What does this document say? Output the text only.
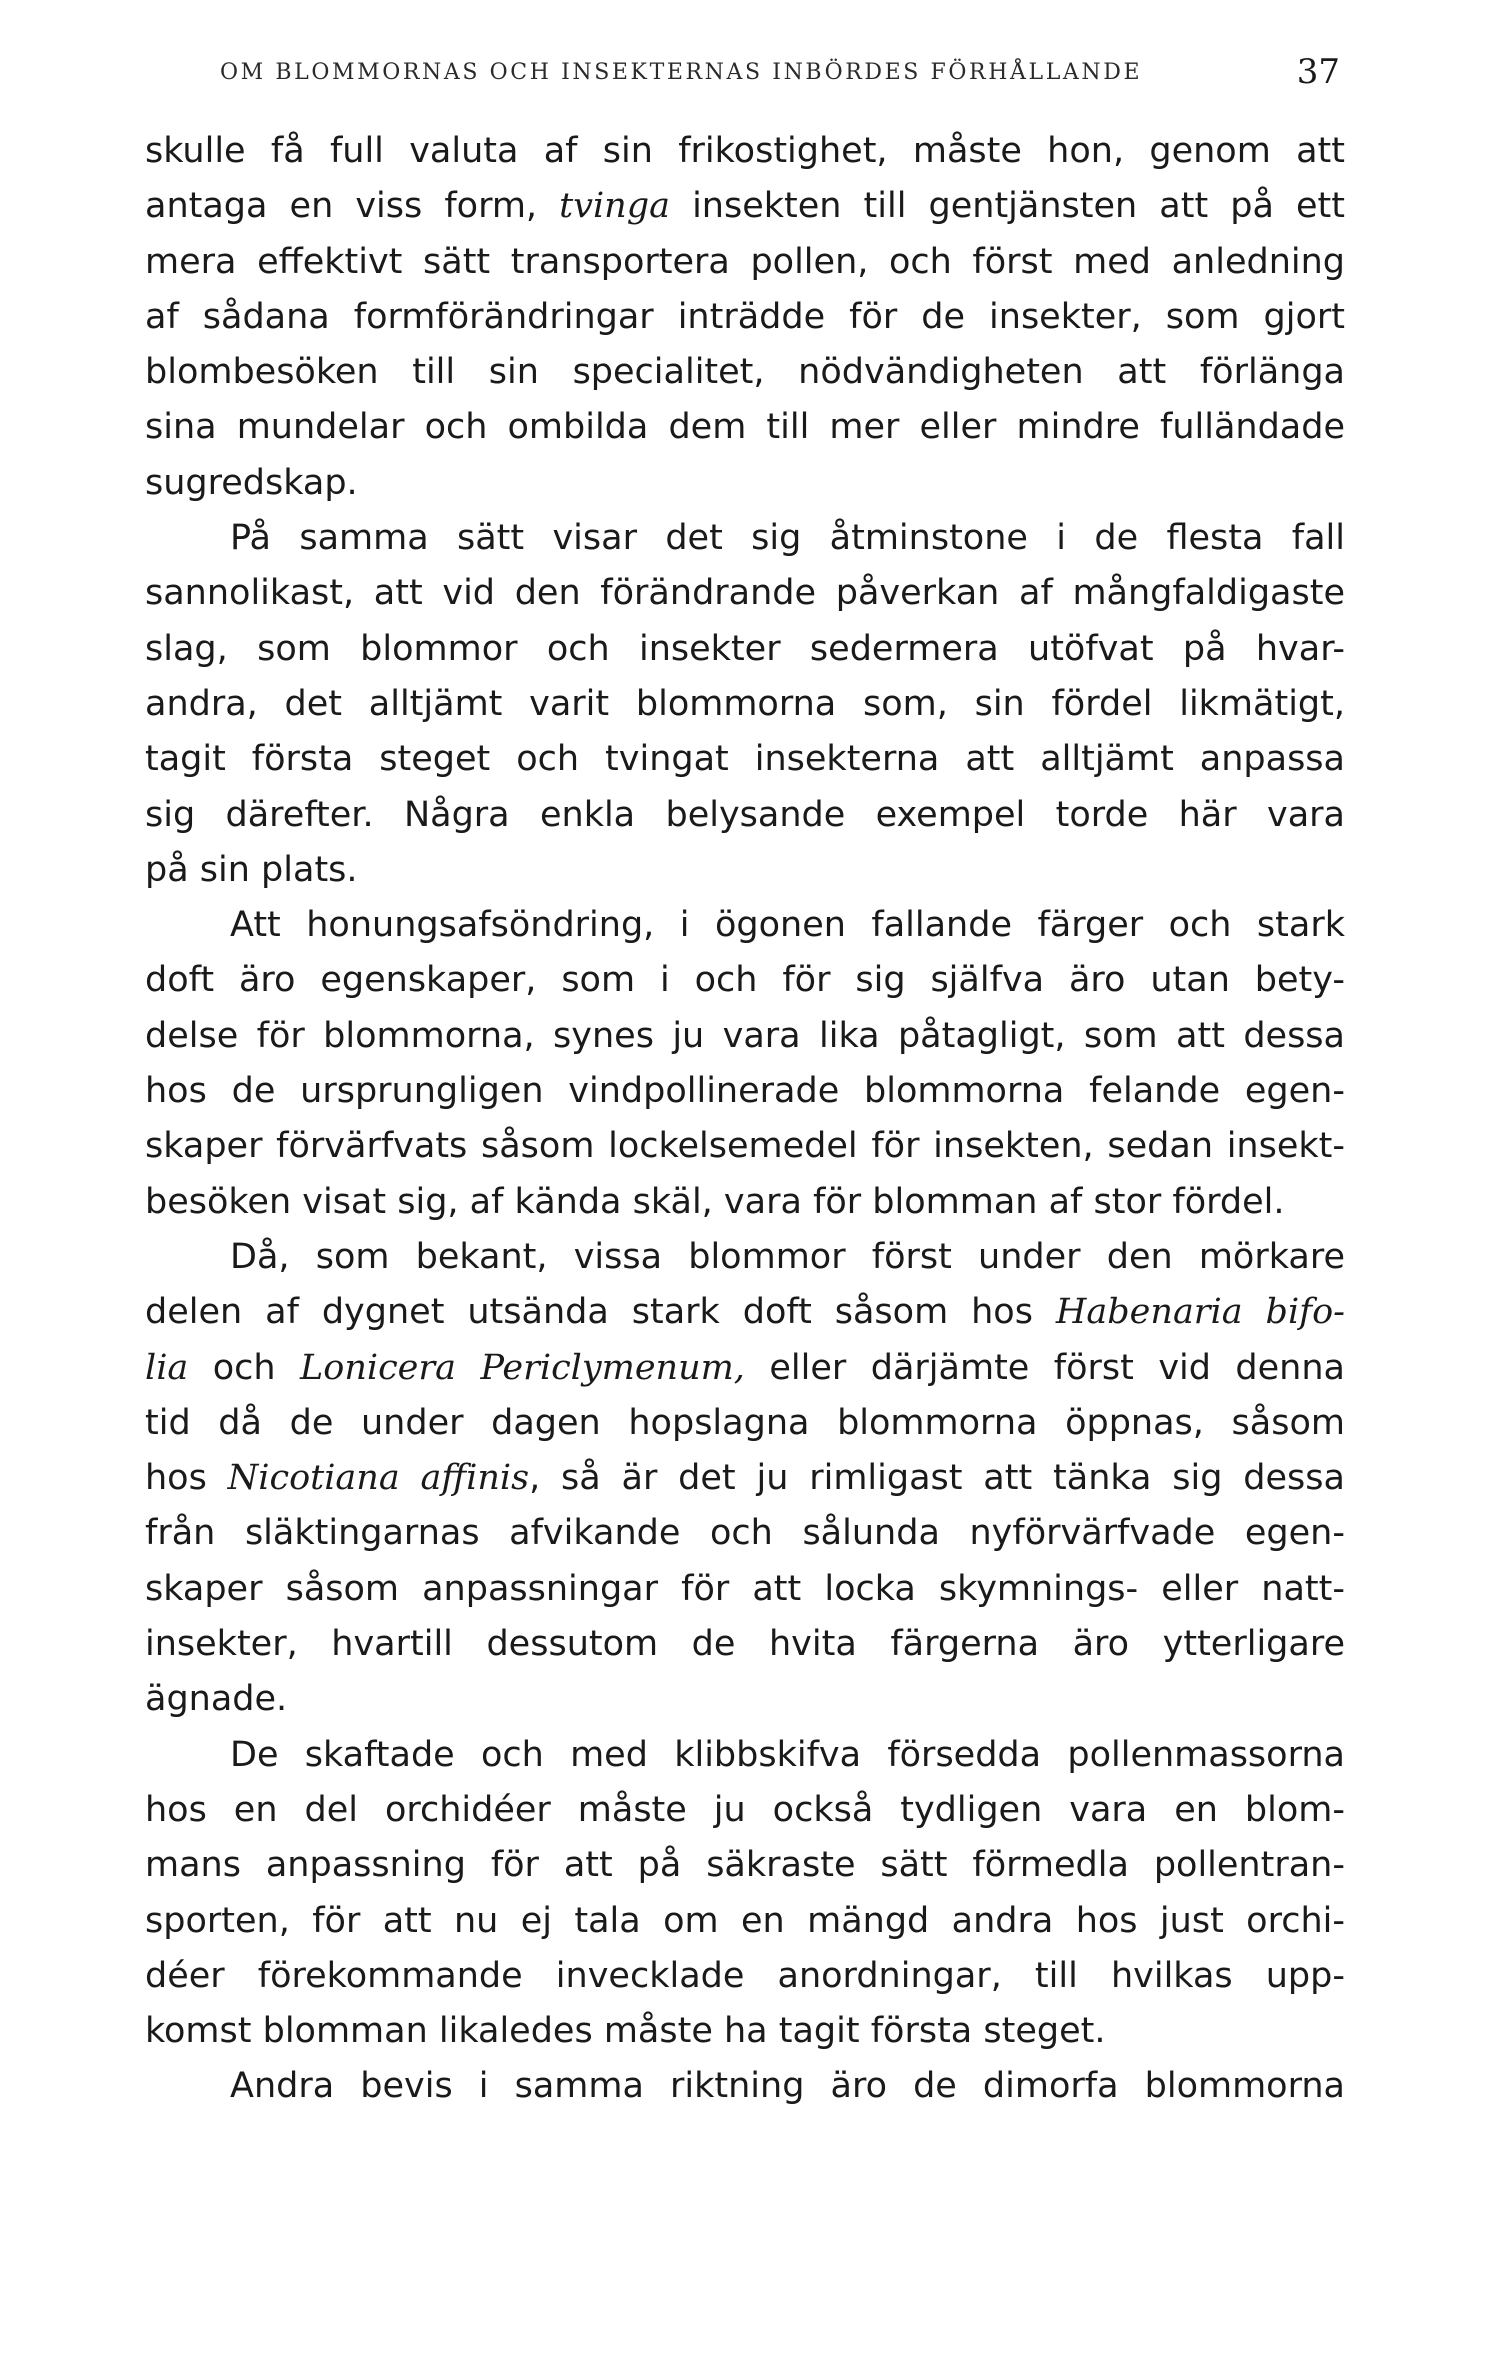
OM BLOMMORNAS OCH INSEKTERNAS INBÖRDES FÖRHÅLLANDE	37
skulle få full valuta af sin frikostighet, måste hon, genom att
antaga en viss form, tvinga insekten till gentjänsten att på ett
mera effektivt sätt transportera pollen, och först med anledning
af sådana formförändringar inträdde för de insekter, som gjort
blombesöken till sin specialitet, nödvändigheten att förlänga
sina mundelar och ombilda dem till mer eller mindre fulländade
sugredskap.
På samma sätt visar det sig åtminstone i de flesta fall
sannolikast, att vid den förändrande påverkan af mångfaldigaste
slag, som blommor och insekter sedermera utöfvat på hvar-
andra, det alltjämt varit blommorna som, sin fördel likmätigt,
tagit första steget och tvingat insekterna att alltjämt anpassa
sig därefter. Några enkla belysande exempel torde här vara
på sin plats.
Att honungsafsöndring, i ögonen fallande färger och stark
doft äro egenskaper, som i och för sig själfva äro utan bety-
delse för blommorna, synes ju vara lika påtagligt, som att dessa
hos de ursprungligen vindpollinerade blommorna felande egen-
skaper förvärfvats såsom lockelsemedel för insekten, sedan insekt-
besöken visat sig, af kända skäl, vara för blomman af stor fördel.
Då, som bekant, vissa blommor först under den mörkare
delen af dygnet utsända stark doft såsom hos Habenaria bifo-
lia och Lonicera Periclymenum, eller därjämte först vid denna
tid då de under dagen hopslagna blommorna öppnas, såsom
hos Nicotiana affinis, så är det ju rimligast att tänka sig dessa
från släktingarnas afvikande och sålunda nyförvärfvade egen-
skaper såsom anpassningar för att locka skymnings- eller natt-
insekter, hvartill dessutom de hvita färgerna äro ytterligare
ägnade.
De skaftade och med klibbskifva försedda pollenmassorna
hos en del orchidéer måste ju också tydligen vara en blom-
mans anpassning för att på säkraste sätt förmedla pollentran-
sporten, för att nu ej tala om en mängd andra hos just orchi-
déer förekommande invecklade anordningar, till hvilkas upp-
komst blomman likaledes måste ha tagit första steget.
Andra bevis i samma riktning äro de dimorfa blommorna
